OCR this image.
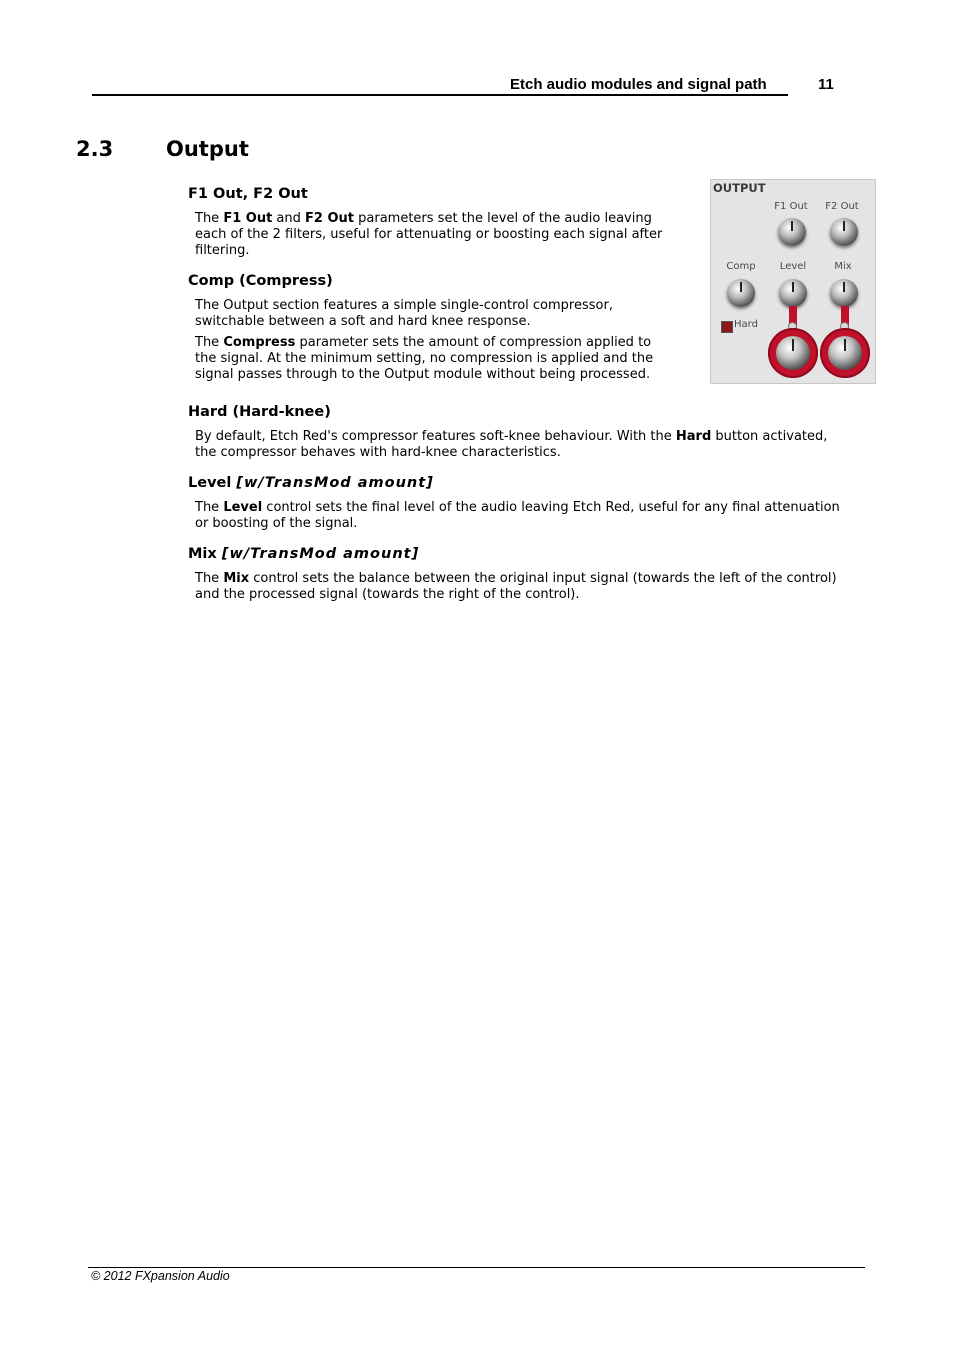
Etch audio modules and signal path	11
2.3	Output
F1 Out, F2 Out

The F1 Out and F2 Out parameters set the level of the audio leaving
each of the 2 filters, useful for attenuating or boosting each signal after
filtering.

Comp (Compress)

The Output section features a simple single-control compressor,
switchable between a soft and hard knee response.

The Compress parameter sets the amount of compression applied to
the signal. At the minimum setting, no compression is applied and the
signal passes through to the Output module without being processed.

Hard (Hard-knee)

By default, Etch Red's compressor features soft-knee behaviour. With the Hard button activated,
the compressor behaves with hard-knee characteristics.

Level [w/TransMod amount]

The Level control sets the final level of the audio leaving Etch Red, useful for any final attenuation
or boosting of the signal.

Mix [w/TransMod amount]

The Mix control sets the balance between the original input signal (towards the left of the control)
and the processed signal (towards the right of the control).

OUTPUT
F1 Out	F2 Out
Comp	Level	Mix
Hard
© 2012 FXpansion Audio
